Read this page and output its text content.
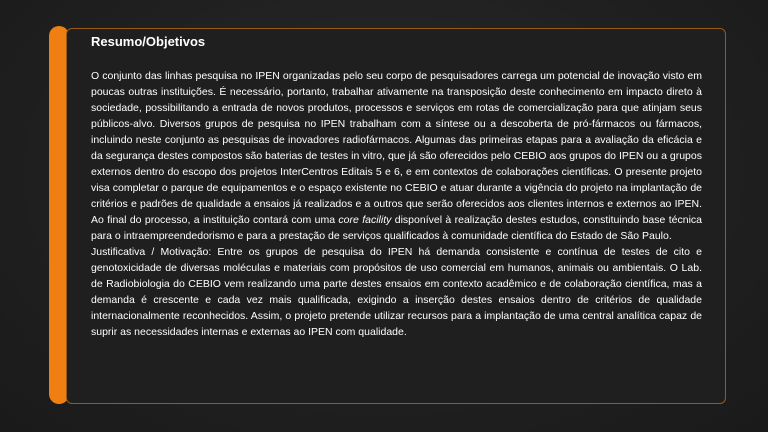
Resumo/Objetivos

O conjunto das linhas pesquisa no IPEN organizadas pelo seu corpo de pesquisadores carrega um potencial de inovação visto em poucas outras instituições. É necessário, portanto, trabalhar ativamente na transposição deste conhecimento em impacto direto à sociedade, possibilitando a entrada de novos produtos, processos e serviços em rotas de comercialização para que atinjam seus públicos-alvo. Diversos grupos de pesquisa no IPEN trabalham com a síntese ou a descoberta de pró-fármacos ou fármacos, incluindo neste conjunto as pesquisas de inovadores radiofármacos. Algumas das primeiras etapas para a avaliação da eficácia e da segurança destes compostos são baterias de testes in vitro, que já são oferecidos pelo CEBIO aos grupos do IPEN ou a grupos externos dentro do escopo dos projetos InterCentros Editais 5 e 6, e em contextos de colaborações científicas. O presente projeto visa completar o parque de equipamentos e o espaço existente no CEBIO e atuar durante a vigência do projeto na implantação de critérios e padrões de qualidade a ensaios já realizados e a outros que serão oferecidos aos clientes internos e externos ao IPEN. Ao final do processo, a instituição contará com uma core facility disponível à realização destes estudos, constituindo base técnica para o intraempreendedorismo e para a prestação de serviços qualificados à comunidade científica do Estado de São Paulo.

Justificativa / Motivação: Entre os grupos de pesquisa do IPEN há demanda consistente e contínua de testes de cito e genotoxicidade de diversas moléculas e materiais com propósitos de uso comercial em humanos, animais ou ambientais. O Lab. de Radiobiologia do CEBIO vem realizando uma parte destes ensaios em contexto acadêmico e de colaboração científica, mas a demanda é crescente e cada vez mais qualificada, exigindo a inserção destes ensaios dentro de critérios de qualidade internacionalmente reconhecidos. Assim, o projeto pretende utilizar recursos para a implantação de uma central analítica capaz de suprir as necessidades internas e externas ao IPEN com qualidade.
